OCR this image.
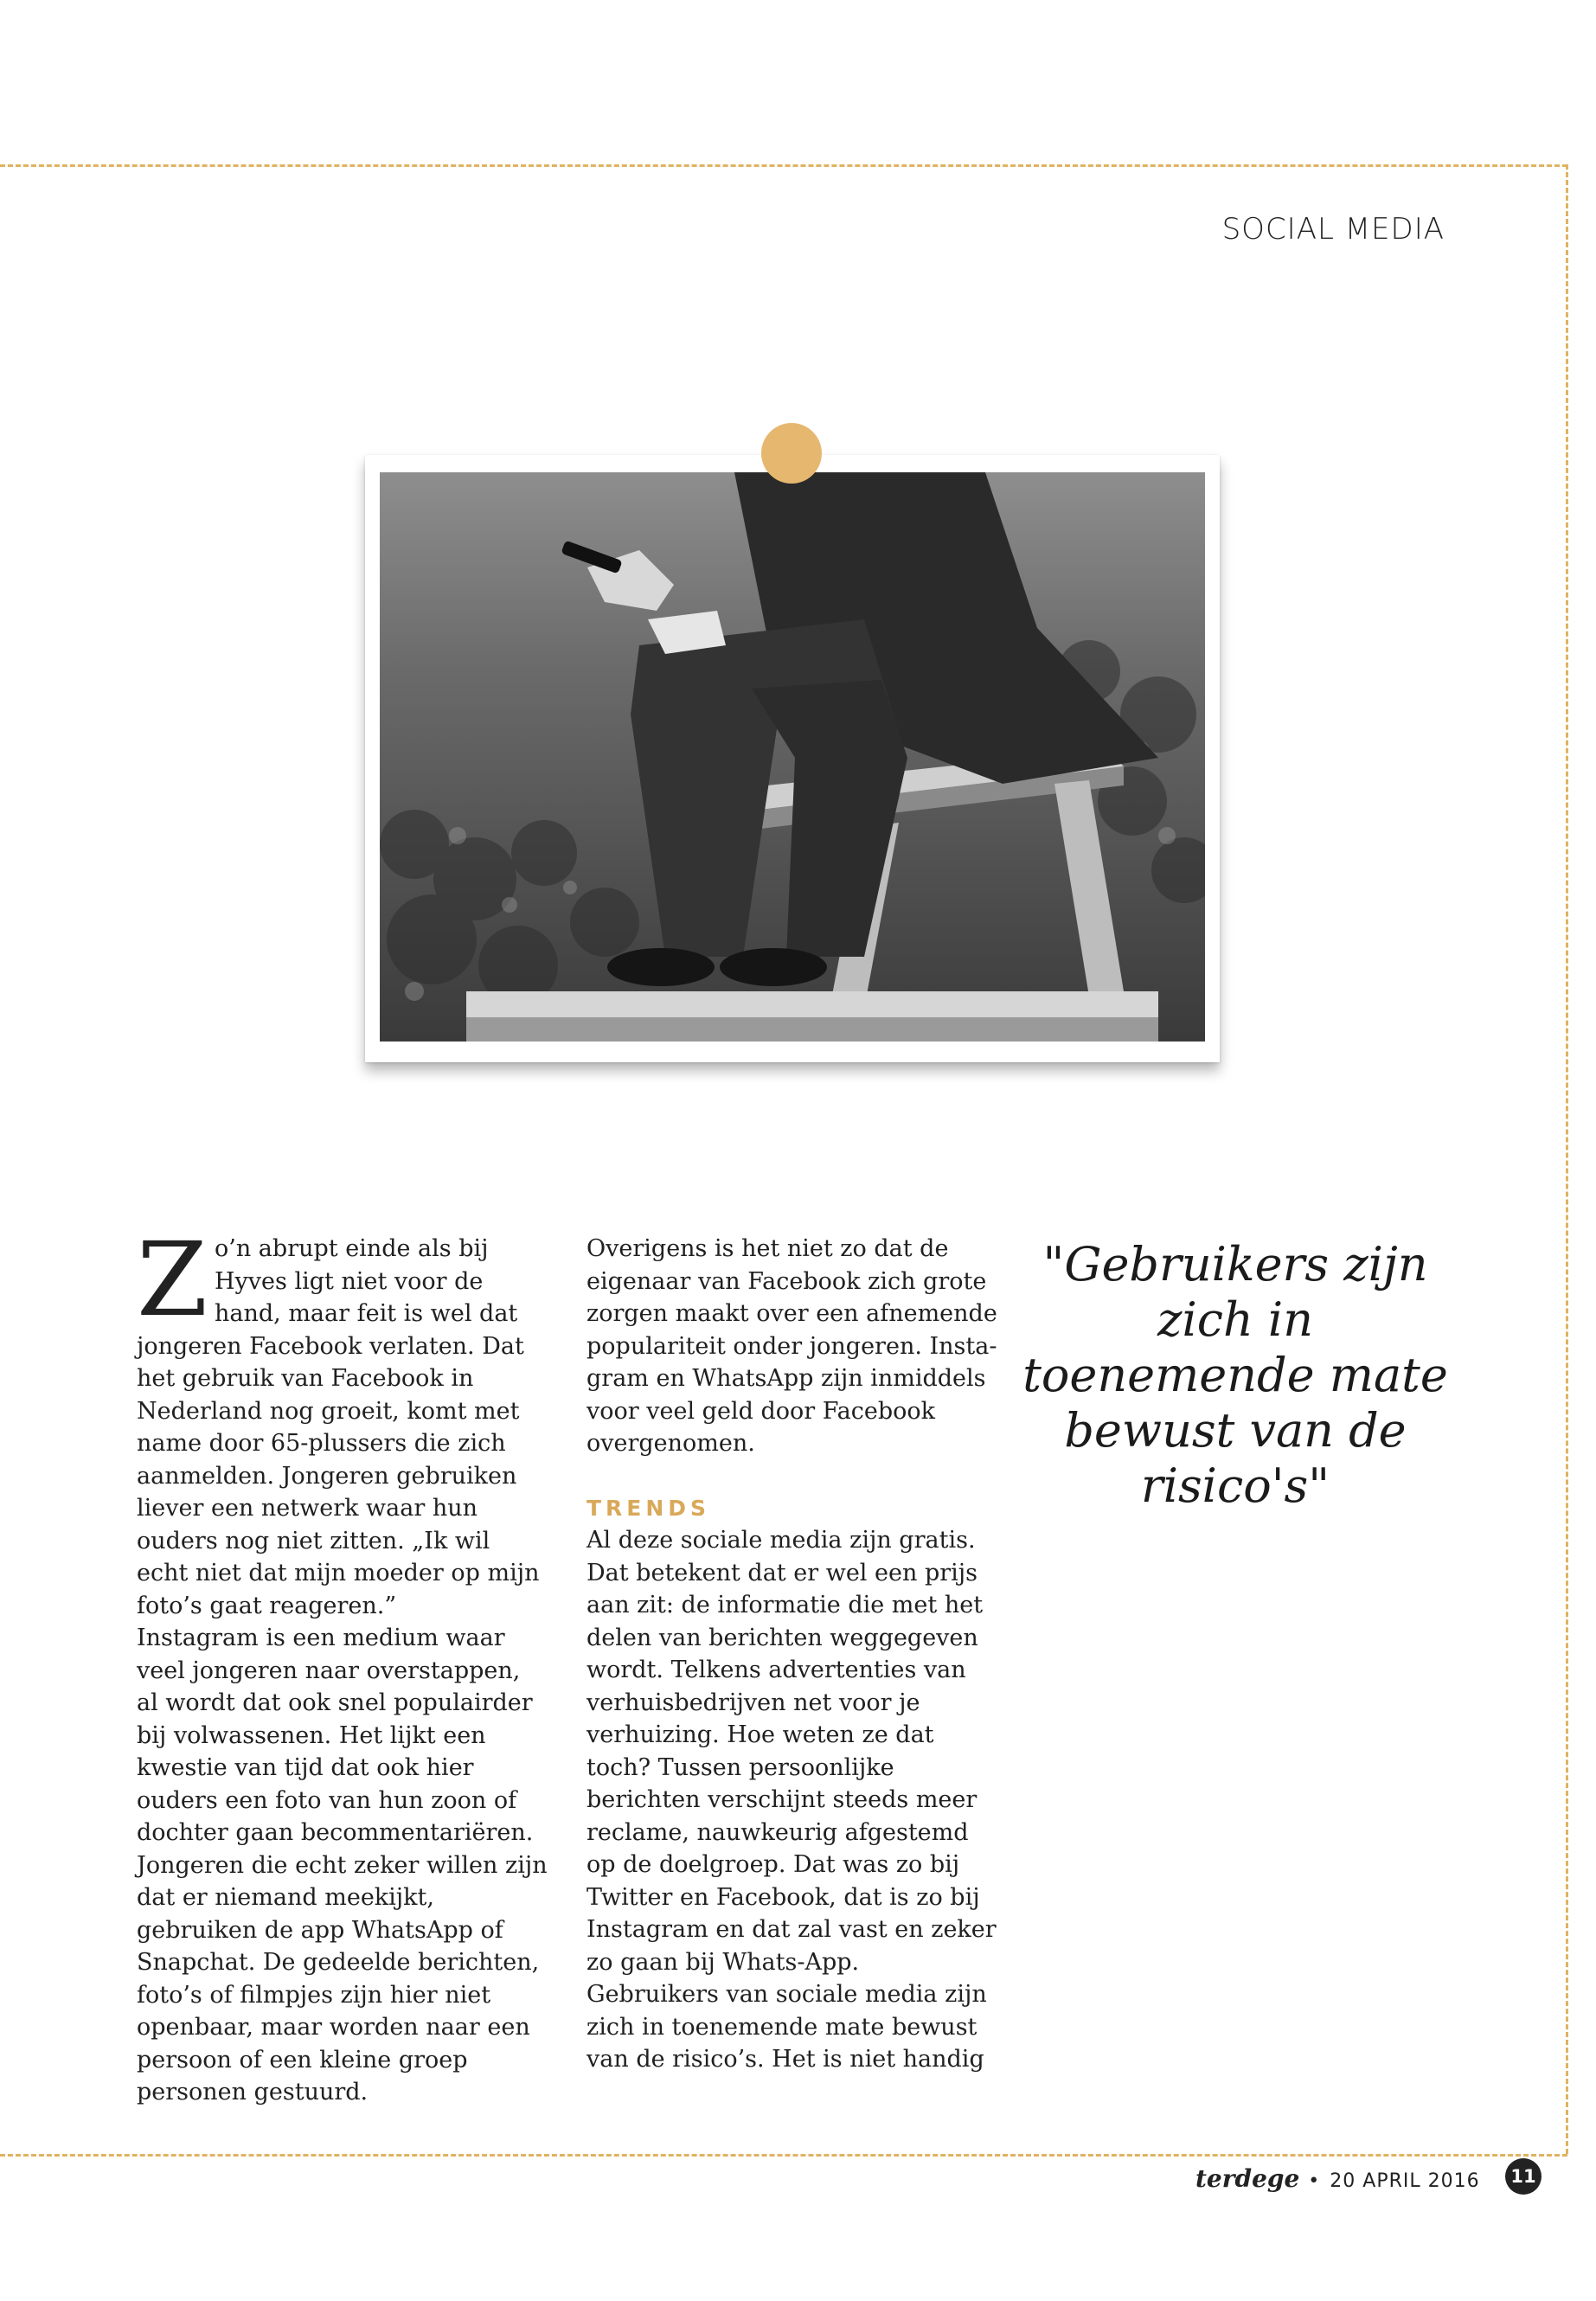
SOCIAL MEDIA

Zo’n abrupt einde als bij Hyves ligt niet voor de hand, maar feit is wel dat jongeren Facebook verlaten. Dat het gebruik van Facebook in Nederland nog groeit, komt met name door 65-plussers die zich aanmelden. Jongeren gebruiken liever een netwerk waar hun ouders nog niet zitten. „Ik wil echt niet dat mijn moeder op mijn foto’s gaat reageren.”

Instagram is een medium waar veel jongeren naar overstappen, al wordt dat ook snel populairder bij volwassenen. Het lijkt een kwestie van tijd dat ook hier ouders een foto van hun zoon of dochter gaan becommentariëren.

Jongeren die echt zeker willen zijn dat er niemand meekijkt, gebruiken de app WhatsApp of Snapchat. De gedeelde berichten, foto’s of filmpjes zijn hier niet openbaar, maar worden naar een persoon of een kleine groep personen gestuurd.

Overigens is het niet zo dat de eigenaar van Facebook zich grote zorgen maakt over een afnemende populariteit onder jongeren. Instagram en WhatsApp zijn inmiddels voor veel geld door Facebook overgenomen.

TRENDS

Al deze sociale media zijn gratis. Dat betekent dat er wel een prijs aan zit: de informatie die met het delen van berichten weggegeven wordt. Telkens advertenties van verhuisbedrijven net voor je verhuizing. Hoe weten ze dat toch? Tussen persoonlijke berichten verschijnt steeds meer reclame, nauwkeurig afgestemd op de doelgroep. Dat was zo bij Twitter en Facebook, dat is zo bij Instagram en dat zal vast en zeker zo gaan bij Whats-App. Gebruikers van sociale media zijn zich in toenemende mate bewust van de risico’s. Het is niet handig

"Gebruikers zijn zich in toenemende mate bewust van de risico's"
terdege • 20 APRIL 2016	11
